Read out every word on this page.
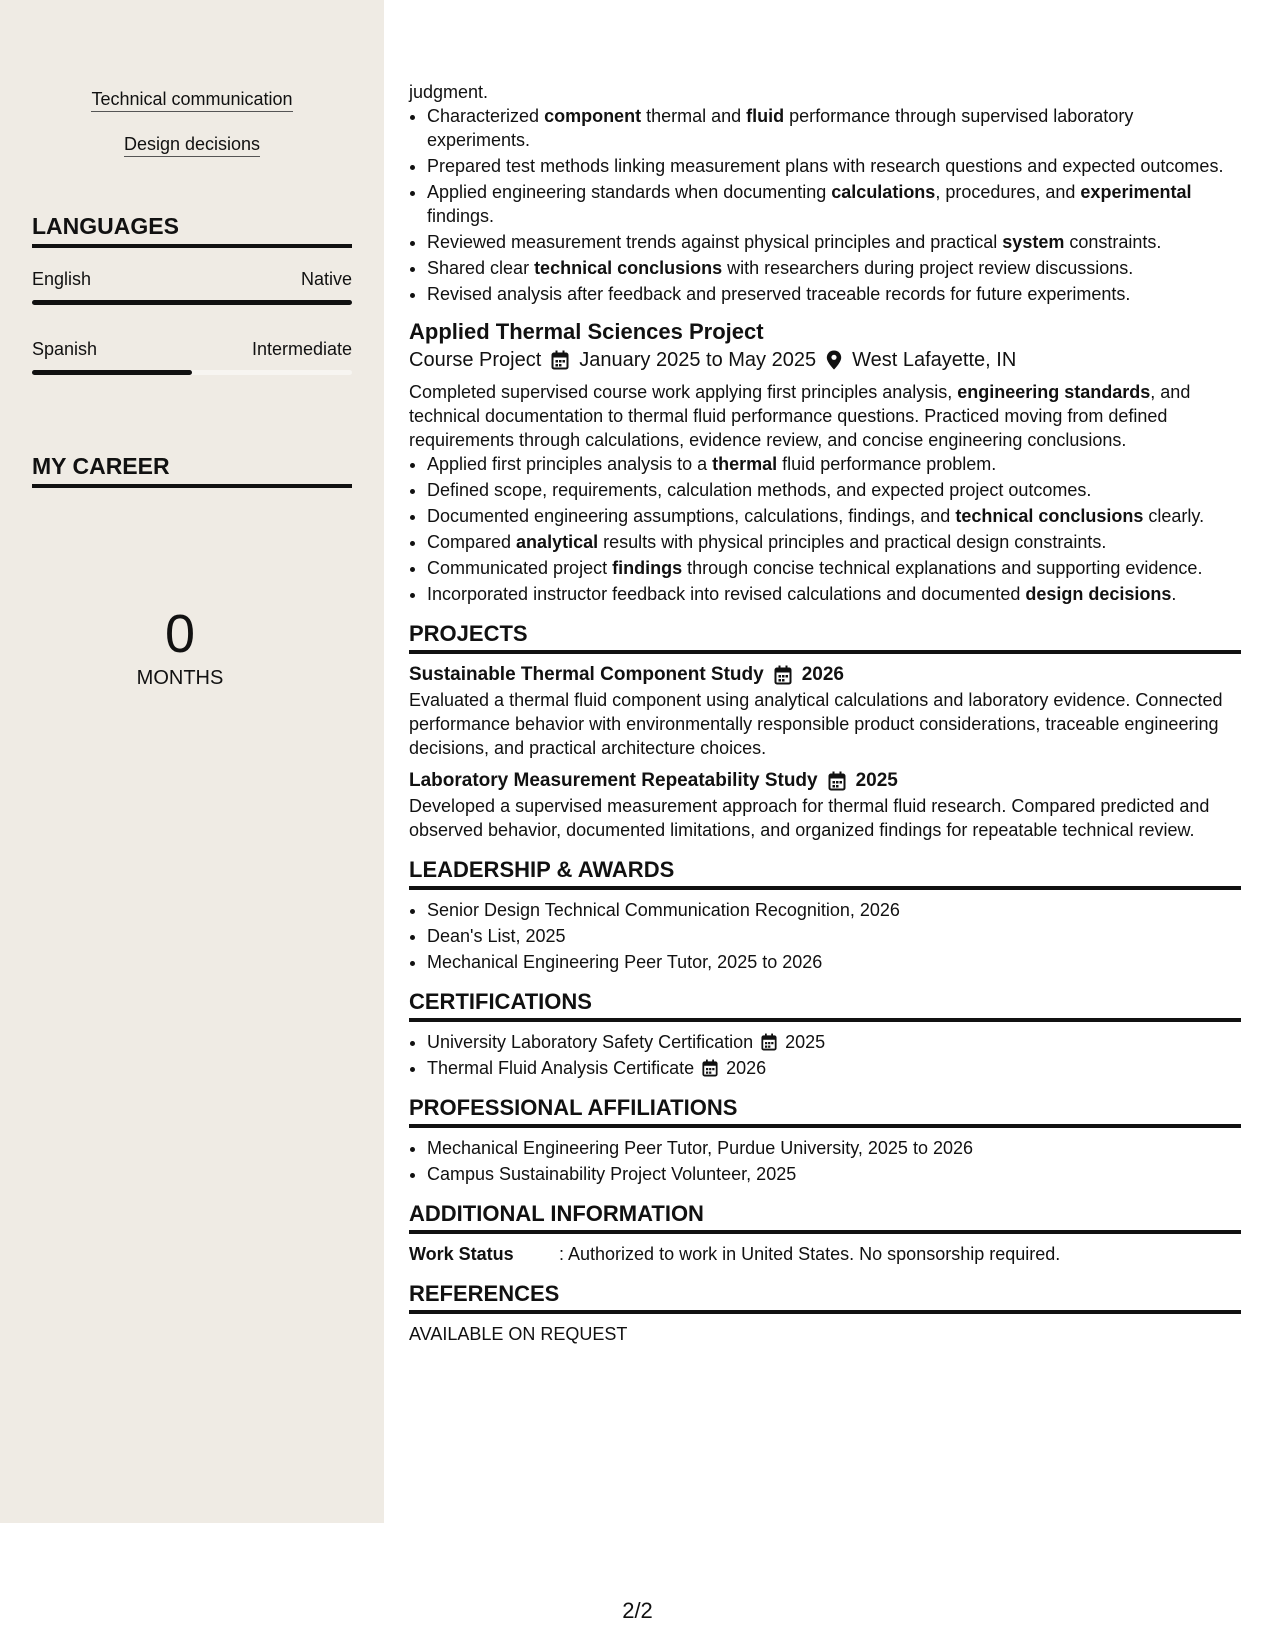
Technical communication
Design decisions
LANGUAGES
English	Native
Spanish	Intermediate
MY CAREER
0
MONTHS

judgment.

• Characterized component thermal and fluid performance through supervised laboratory experiments.
• Prepared test methods linking measurement plans with research questions and expected outcomes.
• Applied engineering standards when documenting calculations, procedures, and experimental findings.
• Reviewed measurement trends against physical principles and practical system constraints.
• Shared clear technical conclusions with researchers during project review discussions.
• Revised analysis after feedback and preserved traceable records for future experiments.
Applied Thermal Sciences Project
Course Project January 2025 to May 2025 West Lafayette, IN

Completed supervised course work applying first principles analysis, engineering standards, and technical documentation to thermal fluid performance questions. Practiced moving from defined requirements through calculations, evidence review, and concise engineering conclusions.

• Applied first principles analysis to a thermal fluid performance problem.
• Defined scope, requirements, calculation methods, and expected project outcomes.
• Documented engineering assumptions, calculations, findings, and technical conclusions clearly.
• Compared analytical results with physical principles and practical design constraints.
• Communicated project findings through concise technical explanations and supporting evidence.
• Incorporated instructor feedback into revised calculations and documented design decisions.
PROJECTS
Sustainable Thermal Component Study 2026

Evaluated a thermal fluid component using analytical calculations and laboratory evidence. Connected performance behavior with environmentally responsible product considerations, traceable engineering decisions, and practical architecture choices.

Laboratory Measurement Repeatability Study 2025

Developed a supervised measurement approach for thermal fluid research. Compared predicted and observed behavior, documented limitations, and organized findings for repeatable technical review.

LEADERSHIP & AWARDS
• Senior Design Technical Communication Recognition, 2026
• Dean's List, 2025
• Mechanical Engineering Peer Tutor, 2025 to 2026
CERTIFICATIONS
• University Laboratory Safety Certification 2025
• Thermal Fluid Analysis Certificate 2026
PROFESSIONAL AFFILIATIONS
• Mechanical Engineering Peer Tutor, Purdue University, 2025 to 2026
• Campus Sustainability Project Volunteer, 2025
ADDITIONAL INFORMATION
Work Status	: Authorized to work in United States. No sponsorship required.
REFERENCES

AVAILABLE ON REQUEST

2/2
